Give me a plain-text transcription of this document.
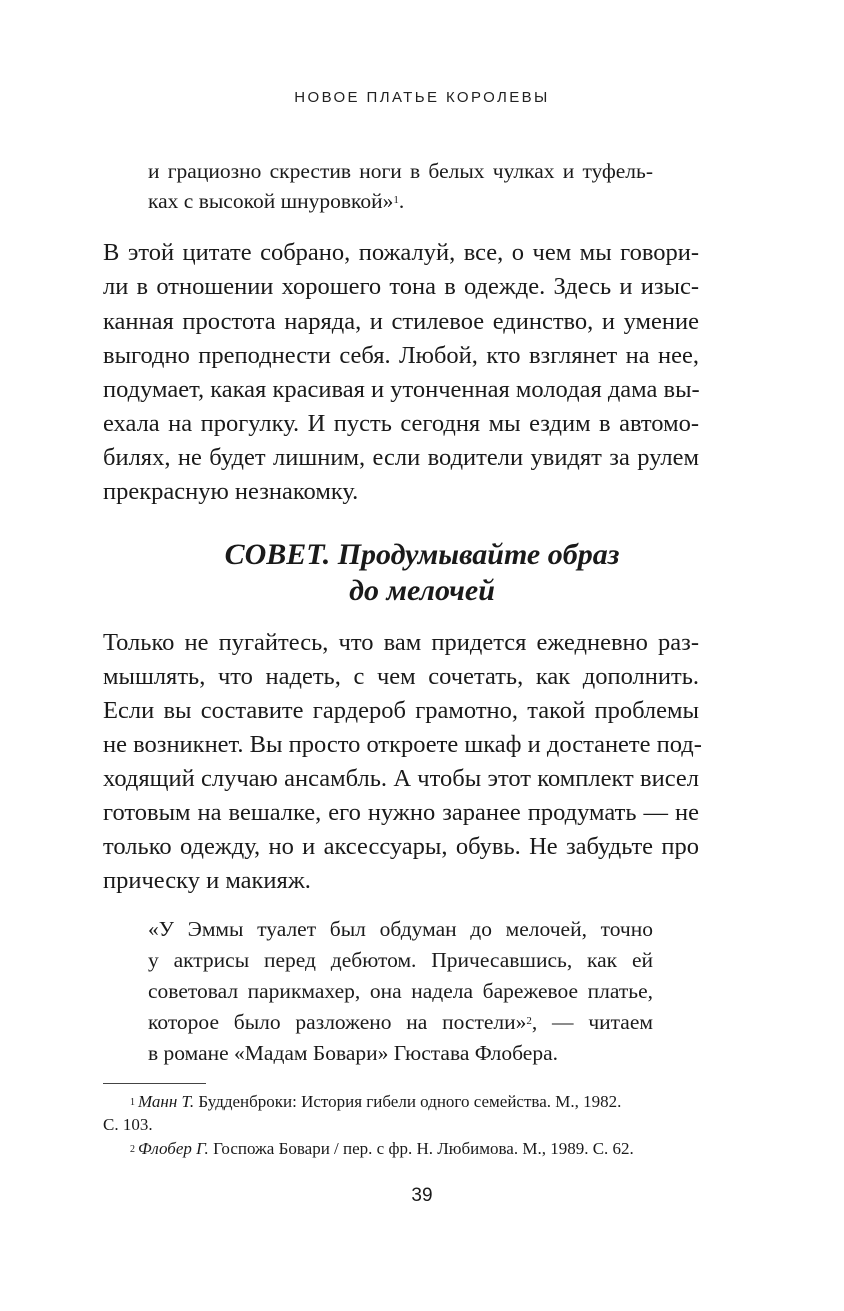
НОВОЕ ПЛАТЬЕ КОРОЛЕВЫ
и грациозно скрестив ноги в белых чулках и туфель-
ках с высокой шнуровкой»$^1$.
В этой цитате собрано, пожалуй, все, о чем мы говори-
ли в отношении хорошего тона в одежде. Здесь и изыс-
канная простота наряда, и стилевое единство, и умение
выгодно преподнести себя. Любой, кто взглянет на нее,
подумает, какая красивая и утонченная молодая дама вы-
ехала на прогулку. И пусть сегодня мы ездим в автомо-
билях, не будет лишним, если водители увидят за рулем
прекрасную незнакомку.
СОВЕТ. Продумывайте образ
до мелочей
Только не пугайтесь, что вам придется ежедневно раз-
мышлять, что надеть, с чем сочетать, как дополнить.
Если вы составите гардероб грамотно, такой проблемы
не возникнет. Вы просто откроете шкаф и достанете под-
ходящий случаю ансамбль. А чтобы этот комплект висел
готовым на вешалке, его нужно заранее продумать — не
только одежду, но и аксессуары, обувь. Не забудьте про
прическу и макияж.
«У Эммы туалет был обдуман до мелочей, точно
у актрисы перед дебютом. Причесавшись, как ей
советовал парикмахер, она надела барежевое платье,
которое было разложено на постели»$^2$, — читаем
в романе «Мадам Бовари» Гюстава Флобера.
$^1$ Манн Т. Будденброки: История гибели одного семейства. М., 1982.
С. 103.
$^2$ Флобер Г. Госпожа Бовари / пер. с фр. Н. Любимова. М., 1989. С. 62.
39
